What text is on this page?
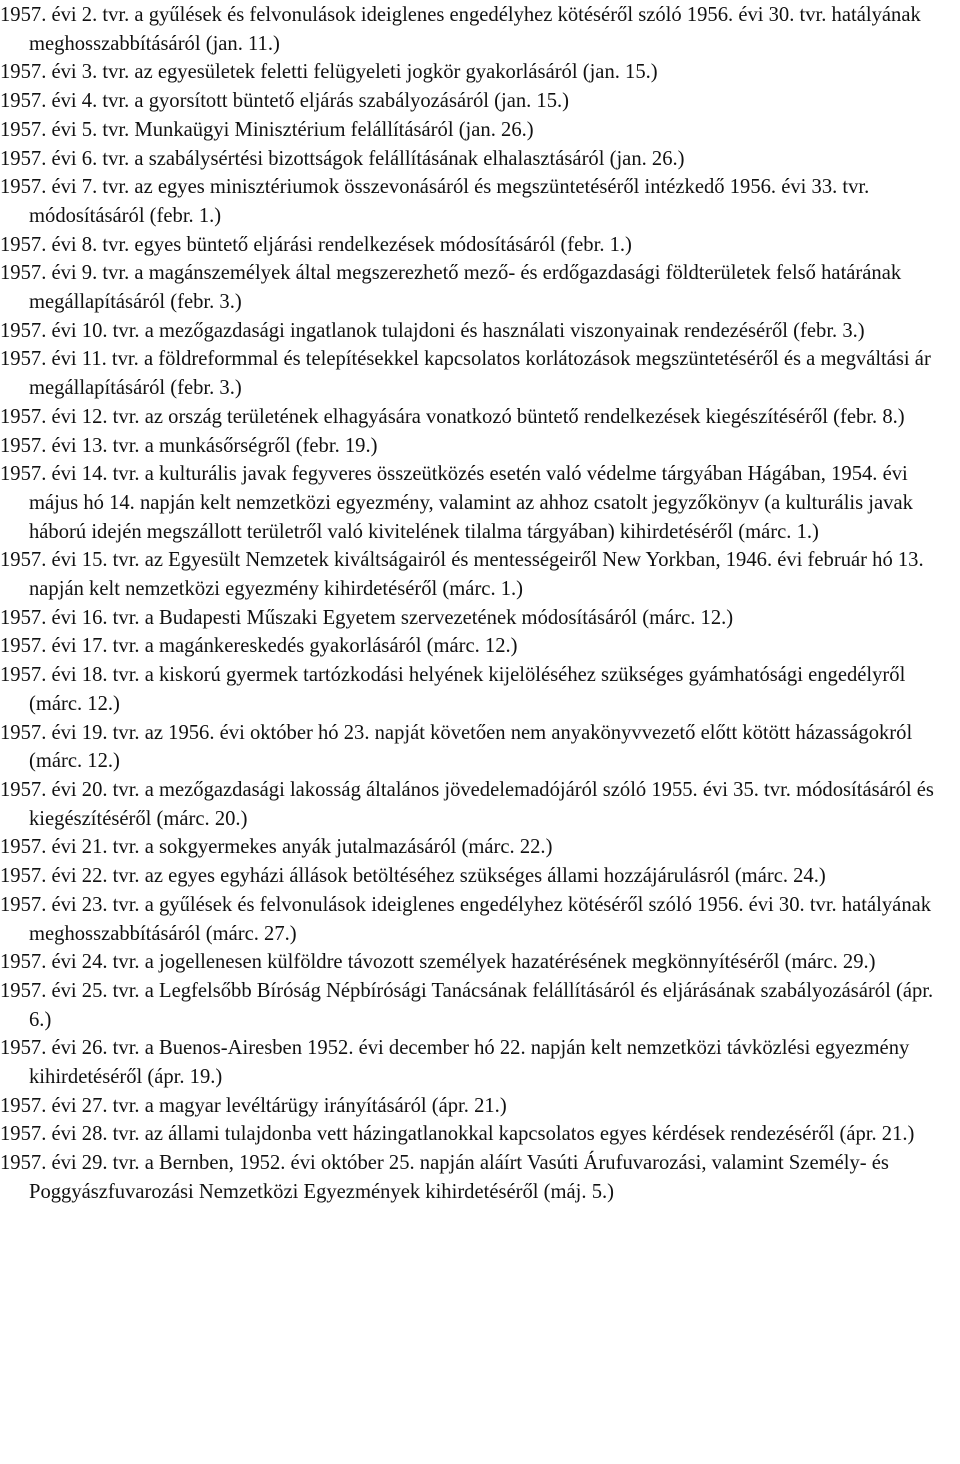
1957. évi 2. tvr. a gyűlések és felvonulások ideiglenes engedélyhez kötéséről szóló 1956. évi 30. tvr. hatályának meghosszabbításáról (jan. 11.)

1957. évi 3. tvr. az egyesületek feletti felügyeleti jogkör gyakorlásáról (jan. 15.)

1957. évi 4. tvr. a gyorsított büntető eljárás szabályozásáról (jan. 15.)

1957. évi 5. tvr. Munkaügyi Minisztérium felállításáról (jan. 26.)

1957. évi 6. tvr. a szabálysértési bizottságok felállításának elhalasztásáról (jan. 26.)

1957. évi 7. tvr. az egyes minisztériumok összevonásáról és megszüntetéséről intézkedő 1956. évi 33. tvr. módosításáról (febr. 1.)

1957. évi 8. tvr. egyes büntető eljárási rendelkezések módosításáról (febr. 1.)

1957. évi 9. tvr. a magánszemélyek által megszerezhető mező- és erdőgazdasági földterületek felső határának megállapításáról (febr. 3.)

1957. évi 10. tvr. a mezőgazdasági ingatlanok tulajdoni és használati viszonyainak rendezéséről (febr. 3.)

1957. évi 11. tvr. a földreformmal és telepítésekkel kapcsolatos korlátozások megszüntetéséről és a megváltási ár megállapításáról (febr. 3.)

1957. évi 12. tvr. az ország területének elhagyására vonatkozó büntető rendelkezések kiegészítéséről (febr. 8.)

1957. évi 13. tvr. a munkásőrségről (febr. 19.)

1957. évi 14. tvr. a kulturális javak fegyveres összeütközés esetén való védelme tárgyában Hágában, 1954. évi május hó 14. napján kelt nemzetközi egyezmény, valamint az ahhoz csatolt jegyzőkönyv (a kulturális javak háború idején megszállott területről való kivitelének tilalma tárgyában) kihirdetéséről (márc. 1.)

1957. évi 15. tvr. az Egyesült Nemzetek kiváltságairól és mentességeiről New Yorkban, 1946. évi február hó 13. napján kelt nemzetközi egyezmény kihirdetéséről (márc. 1.)

1957. évi 16. tvr. a Budapesti Műszaki Egyetem szervezetének módosításáról (márc. 12.)

1957. évi 17. tvr. a magánkereskedés gyakorlásáról (márc. 12.)

1957. évi 18. tvr. a kiskorú gyermek tartózkodási helyének kijelöléséhez szükséges gyámhatósági engedélyről (márc. 12.)

1957. évi 19. tvr. az 1956. évi október hó 23. napját követően nem anyakönyvvezető előtt kötött házasságokról (márc. 12.)

1957. évi 20. tvr. a mezőgazdasági lakosság általános jövedelemadójáról szóló 1955. évi 35. tvr. módosításáról és kiegészítéséről (márc. 20.)

1957. évi 21. tvr. a sokgyermekes anyák jutalmazásáról (márc. 22.)

1957. évi 22. tvr. az egyes egyházi állások betöltéséhez szükséges állami hozzájárulásról (márc. 24.)

1957. évi 23. tvr. a gyűlések és felvonulások ideiglenes engedélyhez kötéséről szóló 1956. évi 30. tvr. hatályának meghosszabbításáról (márc. 27.)

1957. évi 24. tvr. a jogellenesen külföldre távozott személyek hazatérésének megkönnyítéséről (márc. 29.)

1957. évi 25. tvr. a Legfelsőbb Bíróság Népbírósági Tanácsának felállításáról és eljárásának szabályozásáról (ápr. 6.)

1957. évi 26. tvr. a Buenos-Airesben 1952. évi december hó 22. napján kelt nemzetközi távközlési egyezmény kihirdetéséről (ápr. 19.)

1957. évi 27. tvr. a magyar levéltárügy irányításáról (ápr. 21.)

1957. évi 28. tvr. az állami tulajdonba vett házingatlanokkal kapcsolatos egyes kérdések rendezéséről (ápr. 21.)

1957. évi 29. tvr. a Bernben, 1952. évi október 25. napján aláírt Vasúti Árufuvarozási, valamint Személy- és Poggyászfuvarozási Nemzetközi Egyezmények kihirdetéséről (máj. 5.)
